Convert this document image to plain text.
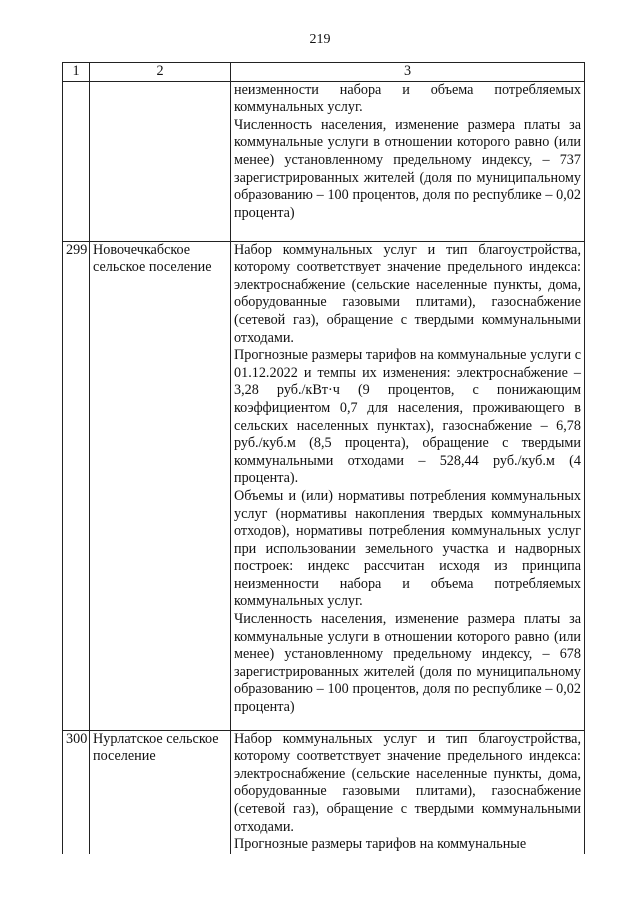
219
1	2	3

		неизменности набора и объема потребляемых коммунальных услуг.

Численность населения, изменение размера платы за коммунальные услуги в отношении которого равно (или менее) установленному предельному индексу, – 737 зарегистрированных жителей (доля по муниципальному образованию – 100 процентов, доля по республике – 0,02 процента)

299	Новочечкабское сельское поселение	Набор коммунальных услуг и тип благоустройства, которому соответствует значение предельного индекса: электроснабжение (сельские населенные пункты, дома, оборудованные газовыми плитами), газоснабжение (сетевой газ), обращение с твердыми коммунальными отходами.

Прогнозные размеры тарифов на коммунальные услуги с 01.12.2022 и темпы их изменения: электроснабжение – 3,28 руб./кВт·ч (9 процентов, с понижающим коэффициентом 0,7 для населения, проживающего в сельских населенных пунктах), газоснабжение – 6,78 руб./куб.м (8,5 процента), обращение с твердыми коммунальными отходами – 528,44 руб./куб.м (4 процента).

Объемы и (или) нормативы потребления коммунальных услуг (нормативы накопления твердых коммунальных отходов), нормативы потребления коммунальных услуг при использовании земельного участка и надворных построек: индекс рассчитан исходя из принципа неизменности набора и объема потребляемых коммунальных услуг.

Численность населения, изменение размера платы за коммунальные услуги в отношении которого равно (или менее) установленному предельному индексу, – 678 зарегистрированных жителей (доля по муниципальному образованию – 100 процентов, доля по республике – 0,02 процента)

300	Нурлатское сельское поселение	Набор коммунальных услуг и тип благоустройства, которому соответствует значение предельного индекса: электроснабжение (сельские населенные пункты, дома, оборудованные газовыми плитами), газоснабжение (сетевой газ), обращение с твердыми коммунальными отходами.

Прогнозные размеры тарифов на коммунальные
